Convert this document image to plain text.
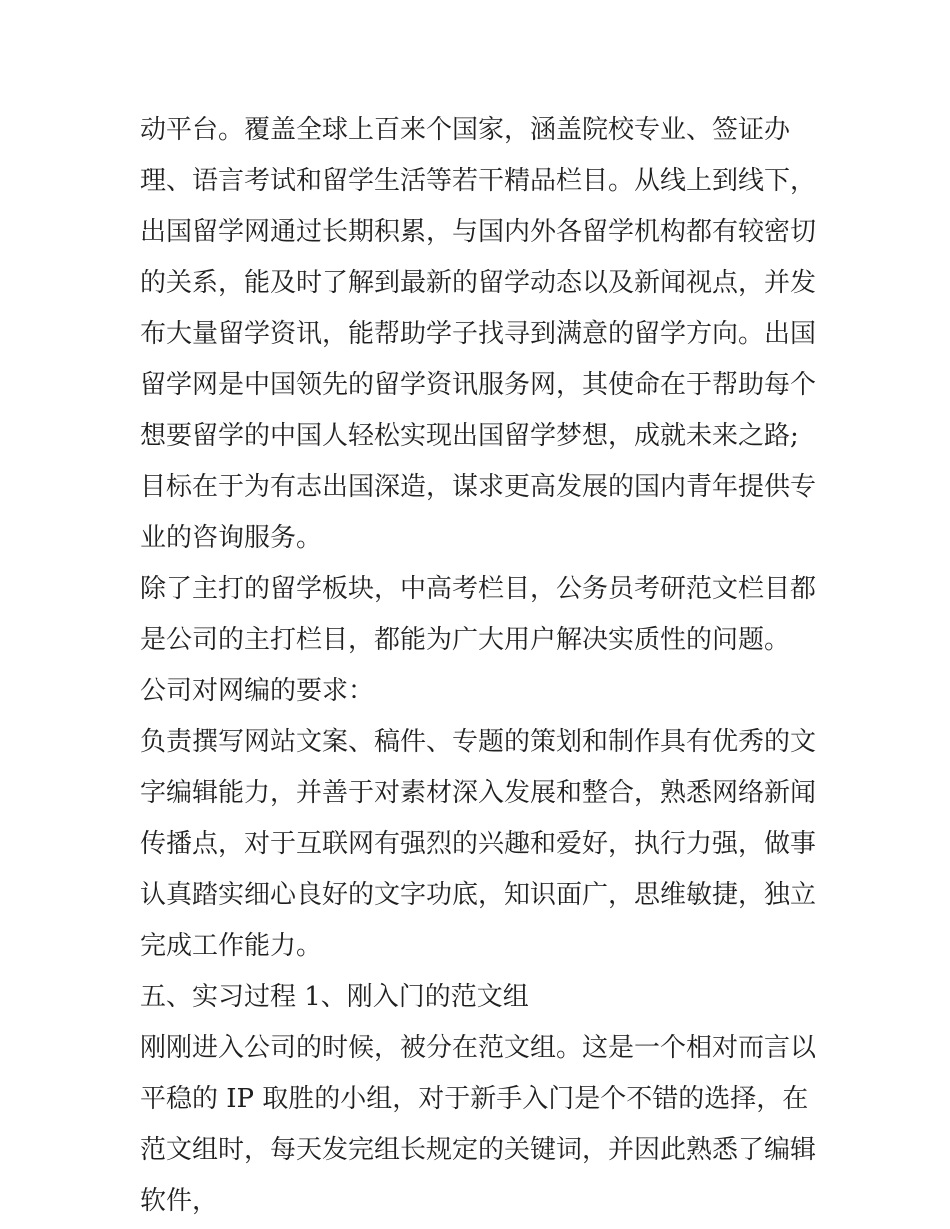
动平台。覆盖全球上百来个国家，涵盖院校专业、签证办理、语言考试和留学生活等若干精品栏目。从线上到线下，出国留学网通过长期积累，与国内外各留学机构都有较密切的关系，能及时了解到最新的留学动态以及新闻视点，并发布大量留学资讯，能帮助学子找寻到满意的留学方向。出国留学网是中国领先的留学资讯服务网，其使命在于帮助每个想要留学的中国人轻松实现出国留学梦想，成就未来之路;目标在于为有志出国深造，谋求更高发展的国内青年提供专业的咨询服务。

除了主打的留学板块，中高考栏目，公务员考研范文栏目都是公司的主打栏目，都能为广大用户解决实质性的问题。 公司对网编的要求：

负责撰写网站文案、稿件、专题的策划和制作具有优秀的文字编辑能力，并善于对素材深入发展和整合，熟悉网络新闻传播点，对于互联网有强烈的兴趣和爱好，执行力强，做事认真踏实细心良好的文字功底，知识面广，思维敏捷，独立完成工作能力。

五、实习过程 1、刚入门的范文组

刚刚进入公司的时候，被分在范文组。这是一个相对而言以平稳的 IP 取胜的小组，对于新手入门是个不错的选择，在范文组时，每天发完组长规定的关键词，并因此熟悉了编辑软件，
